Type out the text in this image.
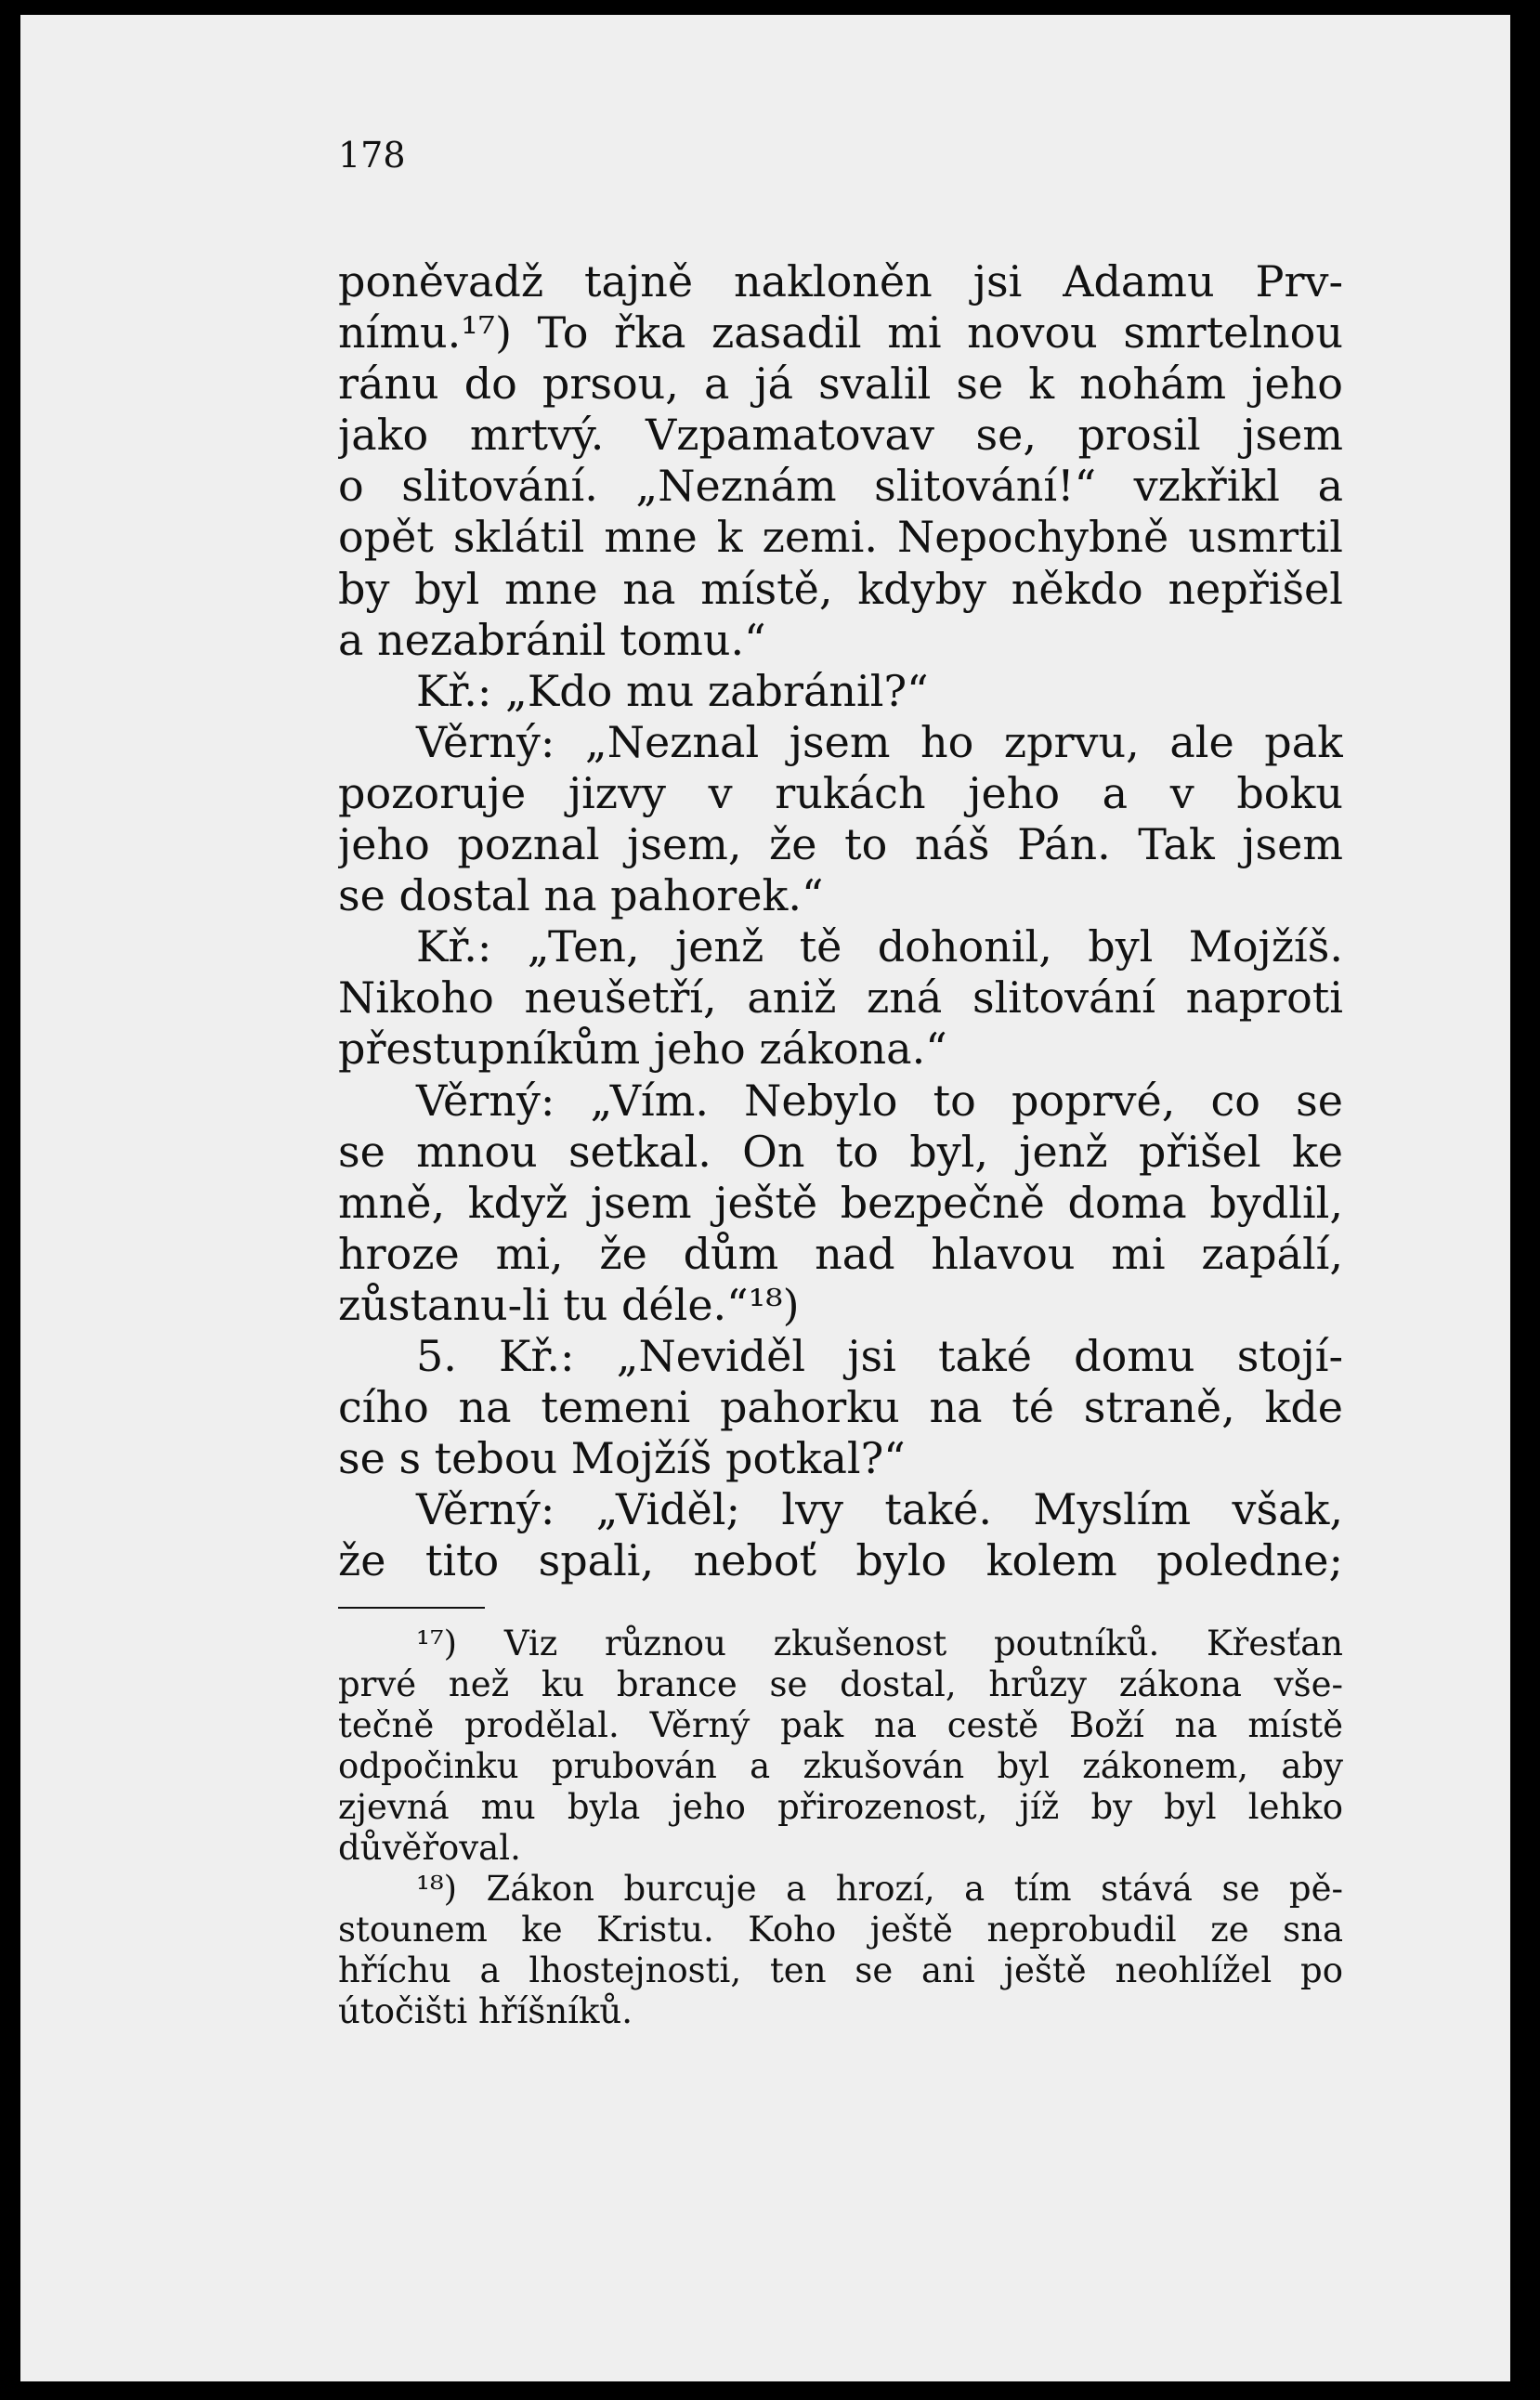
178
poněvadž tajně nakloněn jsi Adamu Prv-
nímu.¹⁷) To řka zasadil mi novou smrtelnou
ránu do prsou, a já svalil se k nohám jeho
jako mrtvý. Vzpamatovav se, prosil jsem
o slitování. „Neznám slitování!“ vzkřikl a
opět sklátil mne k zemi. Nepochybně usmrtil
by byl mne na místě, kdyby někdo nepřišel
a nezabránil tomu.“
Kř.: „Kdo mu zabránil?“
Věrný: „Neznal jsem ho zprvu, ale pak
pozoruje jizvy v rukách jeho a v boku
jeho poznal jsem, že to náš Pán. Tak jsem
se dostal na pahorek.“
Kř.: „Ten, jenž tě dohonil, byl Mojžíš.
Nikoho neušetří, aniž zná slitování naproti
přestupníkům jeho zákona.“
Věrný: „Vím. Nebylo to poprvé, co se
se mnou setkal. On to byl, jenž přišel ke
mně, když jsem ještě bezpečně doma bydlil,
hroze mi, že dům nad hlavou mi zapálí,
zůstanu-li tu déle.“¹⁸)
5. Kř.: „Neviděl jsi také domu stojí-
cího na temeni pahorku na té straně, kde
se s tebou Mojžíš potkal?“
Věrný: „Viděl; lvy také. Myslím však,
že tito spali, neboť bylo kolem poledne;
¹⁷) Viz různou zkušenost poutníků. Křesťan
prvé než ku brance se dostal, hrůzy zákona vše-
tečně prodělal. Věrný pak na cestě Boží na místě
odpočinku prubován a zkušován byl zákonem, aby
zjevná mu byla jeho přirozenost, jíž by byl lehko
důvěřoval.
¹⁸) Zákon burcuje a hrozí, a tím stává se pě-
stounem ke Kristu. Koho ještě neprobudil ze sna
hříchu a lhostejnosti, ten se ani ještě neohlížel po
útočišti hříšníků.
